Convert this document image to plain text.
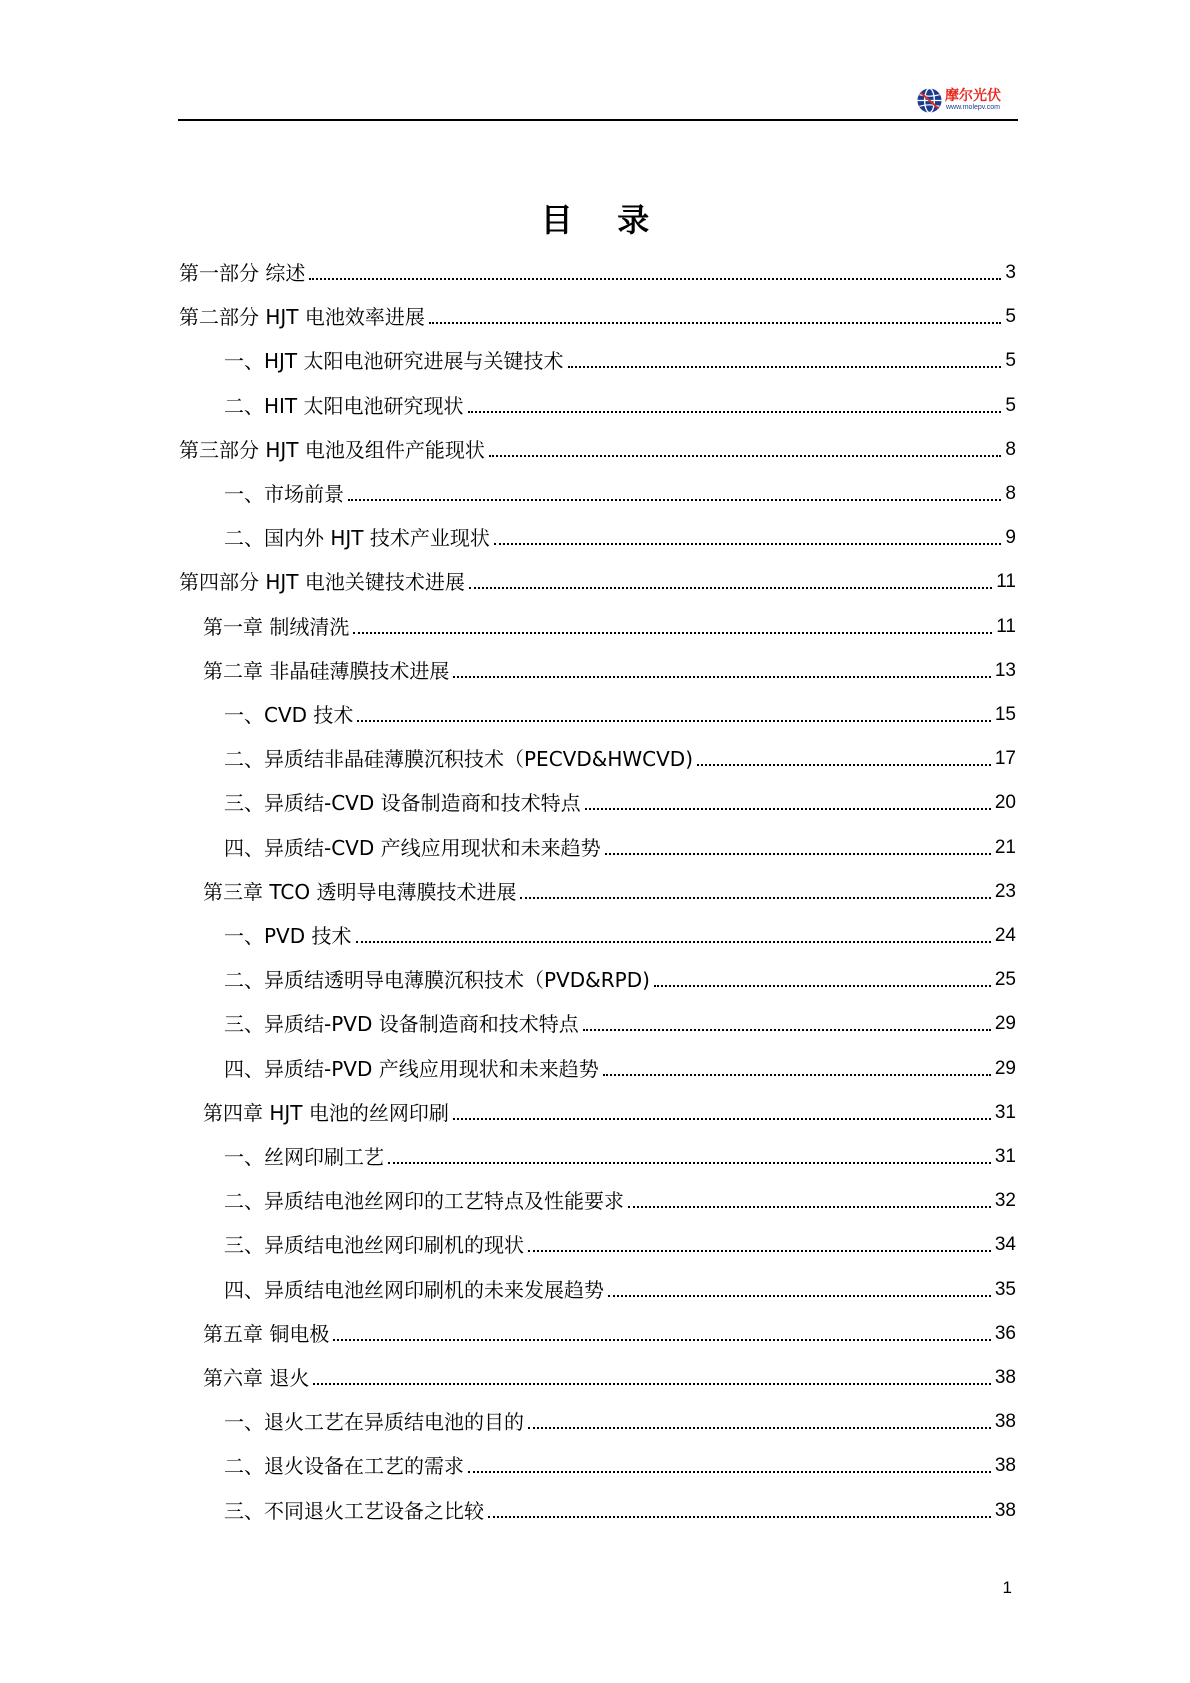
摩尔光伏
www.molepv.com
目    录
第一部分 综述	3
第二部分 HJT 电池效率进展	5
一、HJT 太阳电池研究进展与关键技术	5
二、HIT 太阳电池研究现状	5
第三部分 HJT 电池及组件产能现状	8
一、市场前景	8
二、国内外 HJT 技术产业现状	9
第四部分 HJT 电池关键技术进展	11
第一章 制绒清洗	11
第二章 非晶硅薄膜技术进展	13
一、CVD 技术	15
二、异质结非晶硅薄膜沉积技术（PECVD&HWCVD)	17
三、异质结-CVD 设备制造商和技术特点	20
四、异质结-CVD 产线应用现状和未来趋势	21
第三章 TCO 透明导电薄膜技术进展	23
一、PVD 技术	24
二、异质结透明导电薄膜沉积技术（PVD&RPD)	25
三、异质结-PVD 设备制造商和技术特点	29
四、异质结-PVD 产线应用现状和未来趋势	29
第四章 HJT 电池的丝网印刷	31
一、丝网印刷工艺	31
二、异质结电池丝网印的工艺特点及性能要求	32
三、异质结电池丝网印刷机的现状	34
四、异质结电池丝网印刷机的未来发展趋势	35
第五章 铜电极	36
第六章 退火	38
一、退火工艺在异质结电池的目的	38
二、退火设备在工艺的需求	38
三、不同退火工艺设备之比较	38
1
